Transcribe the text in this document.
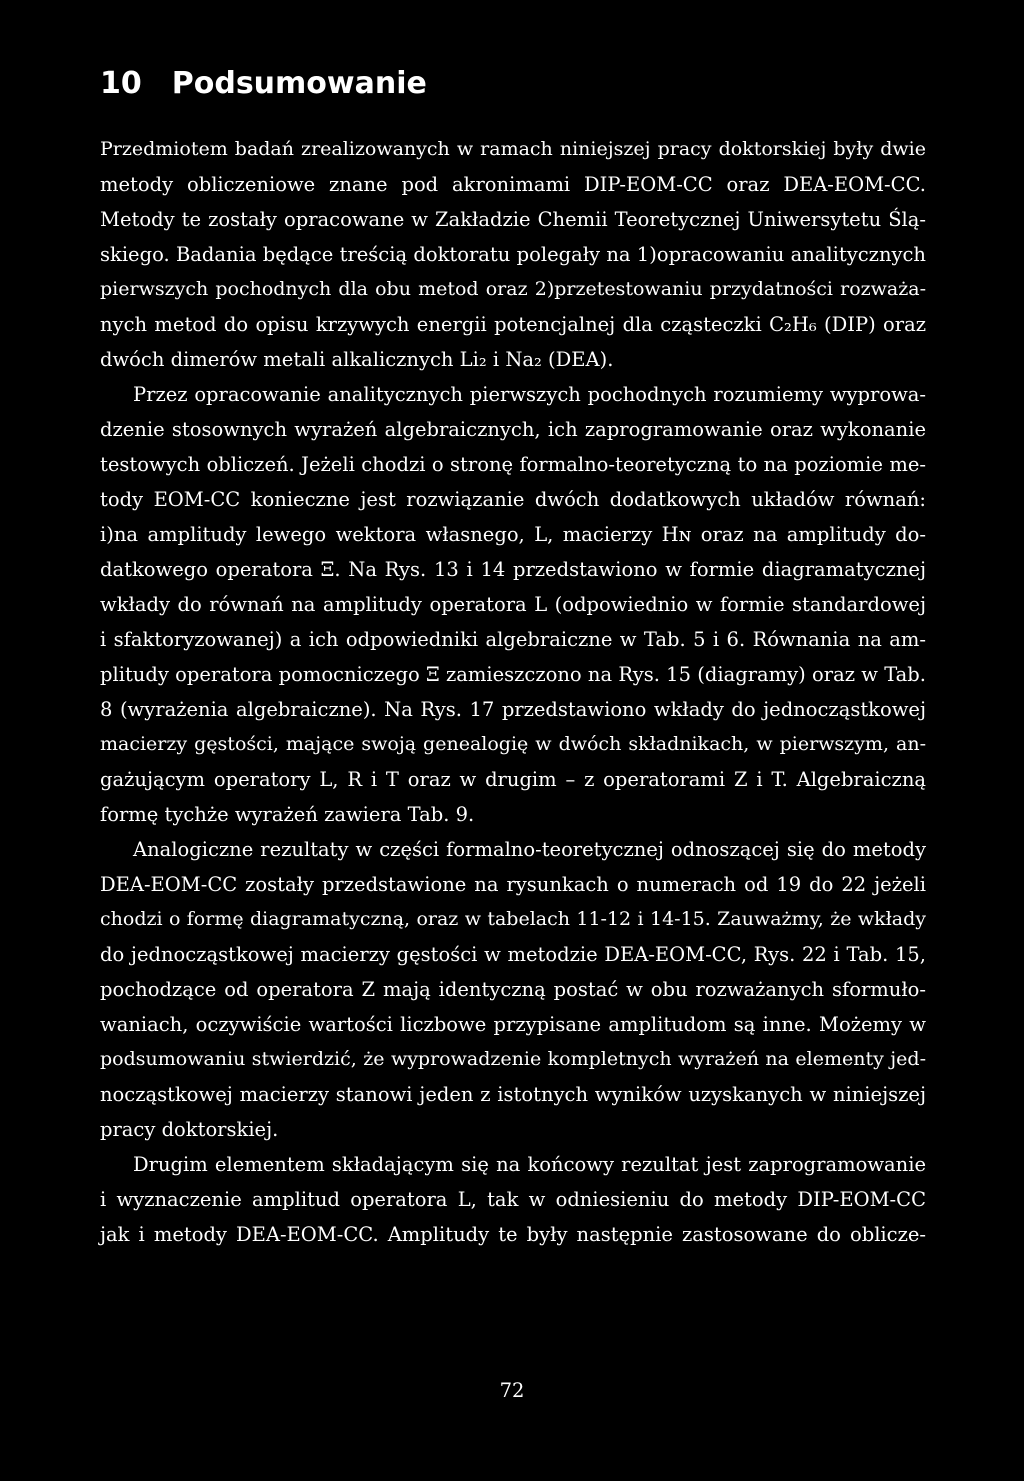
10 Podsumowanie
Przedmiotem badań zrealizowanych w ramach niniejszej pracy doktorskiej były dwie
metody obliczeniowe znane pod akronimami DIP-EOM-CC oraz DEA-EOM-CC.
Metody te zostały opracowane w Zakładzie Chemii Teoretycznej Uniwersytetu Ślą-
skiego. Badania będące treścią doktoratu polegały na 1)opracowaniu analitycznych
pierwszych pochodnych dla obu metod oraz 2)przetestowaniu przydatności rozważa-
nych metod do opisu krzywych energii potencjalnej dla cząsteczki C₂H₆ (DIP) oraz
dwóch dimerów metali alkalicznych Li₂ i Na₂ (DEA).
Przez opracowanie analitycznych pierwszych pochodnych rozumiemy wyprowa-
dzenie stosownych wyrażeń algebraicznych, ich zaprogramowanie oraz wykonanie
testowych obliczeń. Jeżeli chodzi o stronę formalno-teoretyczną to na poziomie me-
tody EOM-CC konieczne jest rozwiązanie dwóch dodatkowych układów równań:
i)na amplitudy lewego wektora własnego, L, macierzy Hɴ oraz na amplitudy do-
datkowego operatora Ξ. Na Rys. 13 i 14 przedstawiono w formie diagramatycznej
wkłady do równań na amplitudy operatora L (odpowiednio w formie standardowej
i sfaktoryzowanej) a ich odpowiedniki algebraiczne w Tab. 5 i 6. Równania na am-
plitudy operatora pomocniczego Ξ zamieszczono na Rys. 15 (diagramy) oraz w Tab.
8 (wyrażenia algebraiczne). Na Rys. 17 przedstawiono wkłady do jednocząstkowej
macierzy gęstości, mające swoją genealogię w dwóch składnikach, w pierwszym, an-
gażującym operatory L, R i T oraz w drugim – z operatorami Z i T. Algebraiczną
formę tychże wyrażeń zawiera Tab. 9.
Analogiczne rezultaty w części formalno-teoretycznej odnoszącej się do metody
DEA-EOM-CC zostały przedstawione na rysunkach o numerach od 19 do 22 jeżeli
chodzi o formę diagramatyczną, oraz w tabelach 11-12 i 14-15. Zauważmy, że wkłady
do jednocząstkowej macierzy gęstości w metodzie DEA-EOM-CC, Rys. 22 i Tab. 15,
pochodzące od operatora Z mają identyczną postać w obu rozważanych sformuło-
waniach, oczywiście wartości liczbowe przypisane amplitudom są inne. Możemy w
podsumowaniu stwierdzić, że wyprowadzenie kompletnych wyrażeń na elementy jed-
nocząstkowej macierzy stanowi jeden z istotnych wyników uzyskanych w niniejszej
pracy doktorskiej.
Drugim elementem składającym się na końcowy rezultat jest zaprogramowanie
i wyznaczenie amplitud operatora L, tak w odniesieniu do metody DIP-EOM-CC
jak i metody DEA-EOM-CC. Amplitudy te były następnie zastosowane do oblicze-
72
